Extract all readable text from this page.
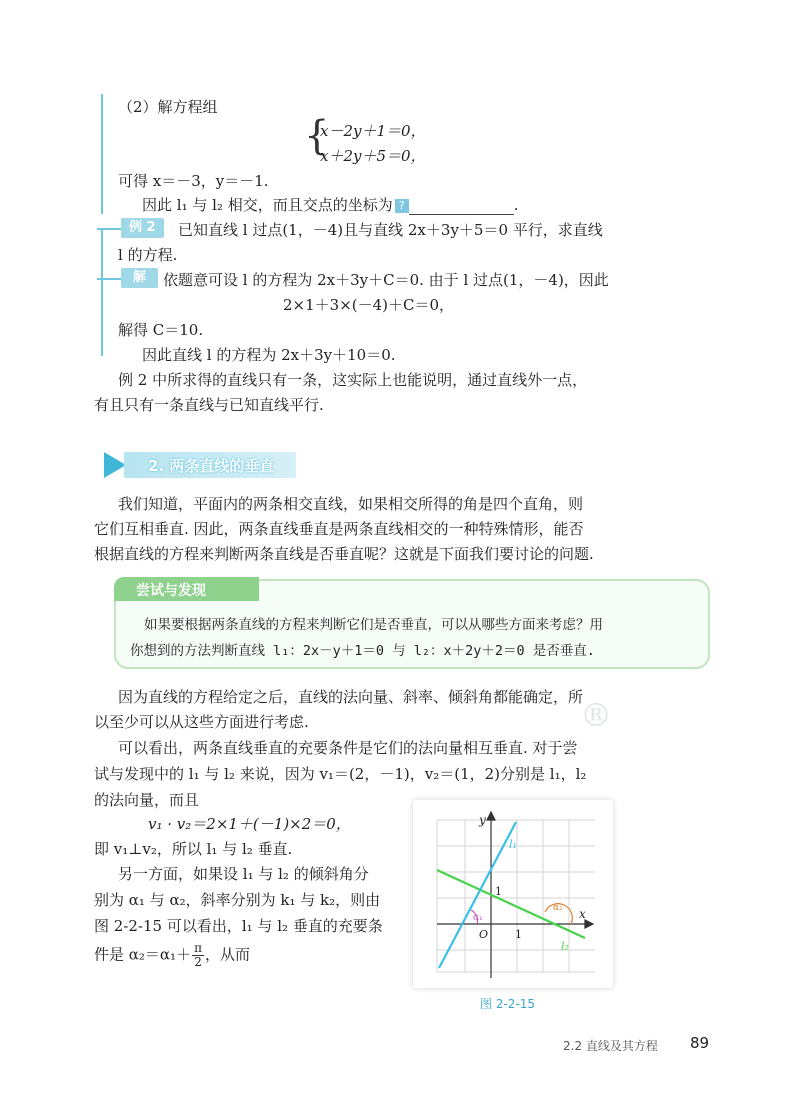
（2）解方程组
{
x－2y＋1＝0，
x＋2y＋5＝0，
可得 x＝－3，y＝－1.
因此 l₁ 与 l₂ 相交，而且交点的坐标为 ?	.
例 2	已知直线 l 过点(1，－4)且与直线 2x＋3y＋5＝0 平行，求直线
l 的方程.
解	依题意可设 l 的方程为 2x＋3y＋C＝0. 由于 l 过点(1，－4)，因此
2×1＋3×(－4)＋C＝0，
解得 C＝10.
因此直线 l 的方程为 2x＋3y＋10＝0.
例 2 中所求得的直线只有一条，这实际上也能说明，通过直线外一点，
有且只有一条直线与已知直线平行.
2. 两条直线的垂直
我们知道，平面内的两条相交直线，如果相交所得的角是四个直角，则
它们互相垂直. 因此，两条直线垂直是两条直线相交的一种特殊情形，能否
根据直线的方程来判断两条直线是否垂直呢？这就是下面我们要讨论的问题.
尝试与发现
如果要根据两条直线的方程来判断它们是否垂直，可以从哪些方面来考虑？用
你想到的方法判断直线 l₁：2x－y＋1＝0 与 l₂：x＋2y＋2＝0 是否垂直.
因为直线的方程给定之后，直线的法向量、斜率、倾斜角都能确定，所
以至少可以从这些方面进行考虑.
可以看出，两条直线垂直的充要条件是它们的法向量相互垂直. 对于尝
试与发现中的 l₁ 与 l₂ 来说，因为 v₁＝(2，－1)，v₂＝(1，2)分别是 l₁，l₂
的法向量，而且
v₁ · v₂＝2×1＋(－1)×2＝0，
即 v₁⊥v₂，所以 l₁ 与 l₂ 垂直.
另一方面，如果设 l₁ 与 l₂ 的倾斜角分
别为 α₁ 与 α₂，斜率分别为 k₁ 与 k₂，则由
图 2-2-15 可以看出，l₁ 与 l₂ 垂直的充要条
件是 $\alpha_2=\alpha_1+ \frac{\pi}{2}$ ，从而
®
y
x
O 1
1
l₁
l₂
α₁
α₂
图 2-2-15
2.2 直线及其方程 89
